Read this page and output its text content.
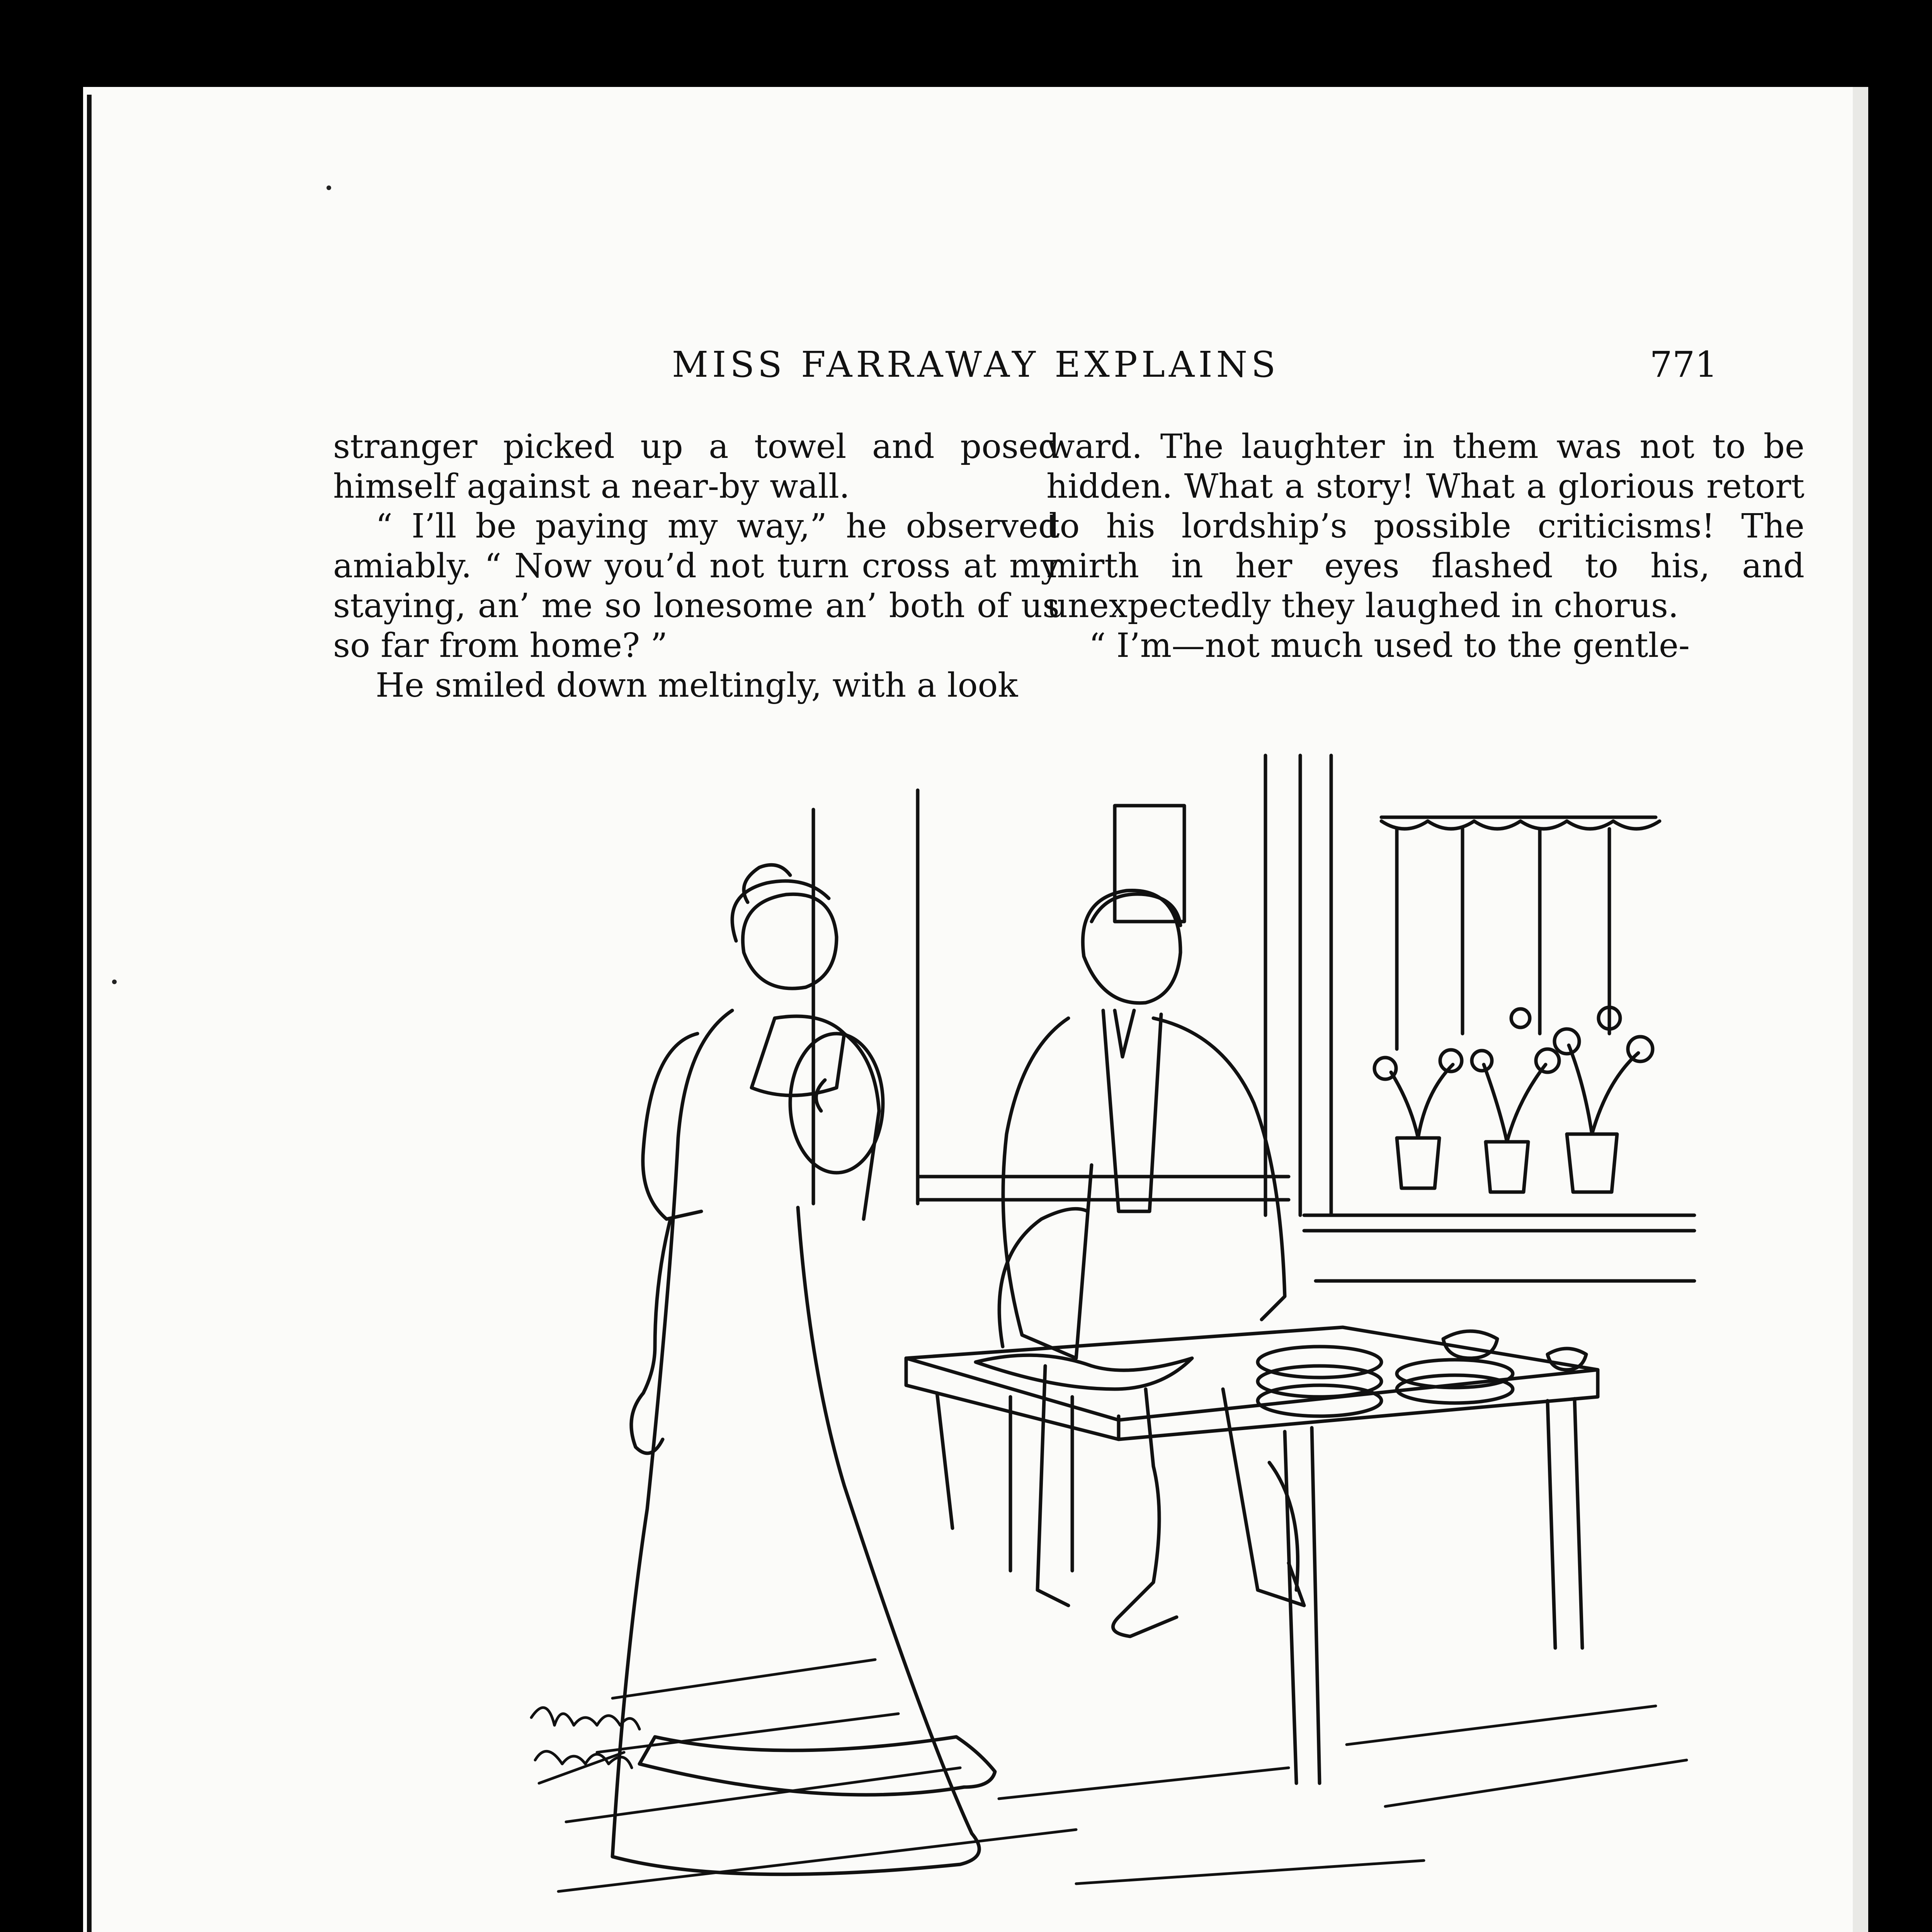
MISS FARRAWAY EXPLAINS	771

stranger picked up a towel and posed himself against a near-by wall.

“ I’ll be paying my way,” he observed amiably. “ Now you’d not turn cross at my staying, an’ me so lonesome an’ both of us so far from home? ”

He smiled down meltingly, with a look

ward. The laughter in them was not to be hidden. What a story! What a glorious retort to his lordship’s possible criticisms! The mirth in her eyes flashed to his, and unexpectedly they laughed in chorus.

“ I’m—not much used to the gentle-
